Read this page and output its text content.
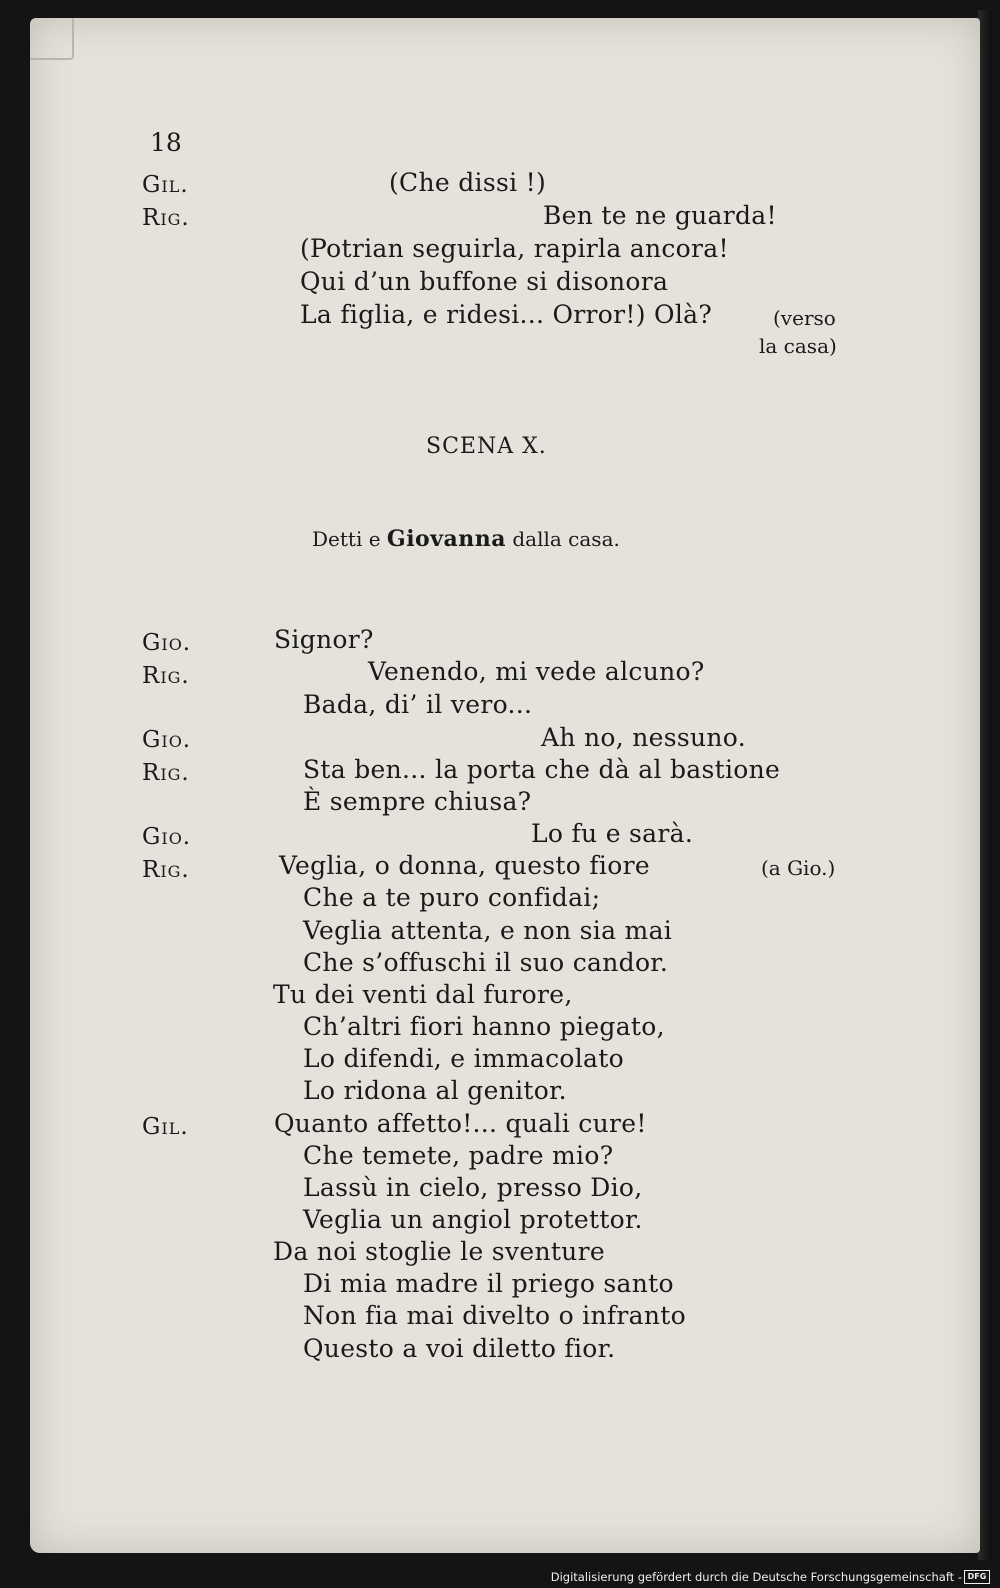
18
Gil.	(Che dissi !)
Rig.	Ben te ne guarda!
(Potrian seguirla, rapirla ancora!
Qui d’un buffone si disonora
La figlia, e ridesi... Orror!) Olà?	(verso
la casa)
SCENA X.
Detti e Giovanna dalla casa.
Gio.	Signor?
Rig.	Venendo, mi vede alcuno?
Bada, di’ il vero...
Gio.	Ah no, nessuno.
Rig.	Sta ben... la porta che dà al bastione
È sempre chiusa?
Gio.	Lo fu e sarà.
Rig.	Veglia, o donna, questo fiore	(a Gio.)
Che a te puro confidai;
Veglia attenta, e non sia mai
Che s’offuschi il suo candor.
Tu dei venti dal furore,
Ch’altri fiori hanno piegato,
Lo difendi, e immacolato
Lo ridona al genitor.
Gil.	Quanto affetto!... quali cure!
Che temete, padre mio?
Lassù in cielo, presso Dio,
Veglia un angiol protettor.
Da noi stoglie le sventure
Di mia madre il priego santo
Non fia mai divelto o infranto
Questo a voi diletto fior.
Digitalisierung gefördert durch die Deutsche Forschungsgemeinschaft - DFG
